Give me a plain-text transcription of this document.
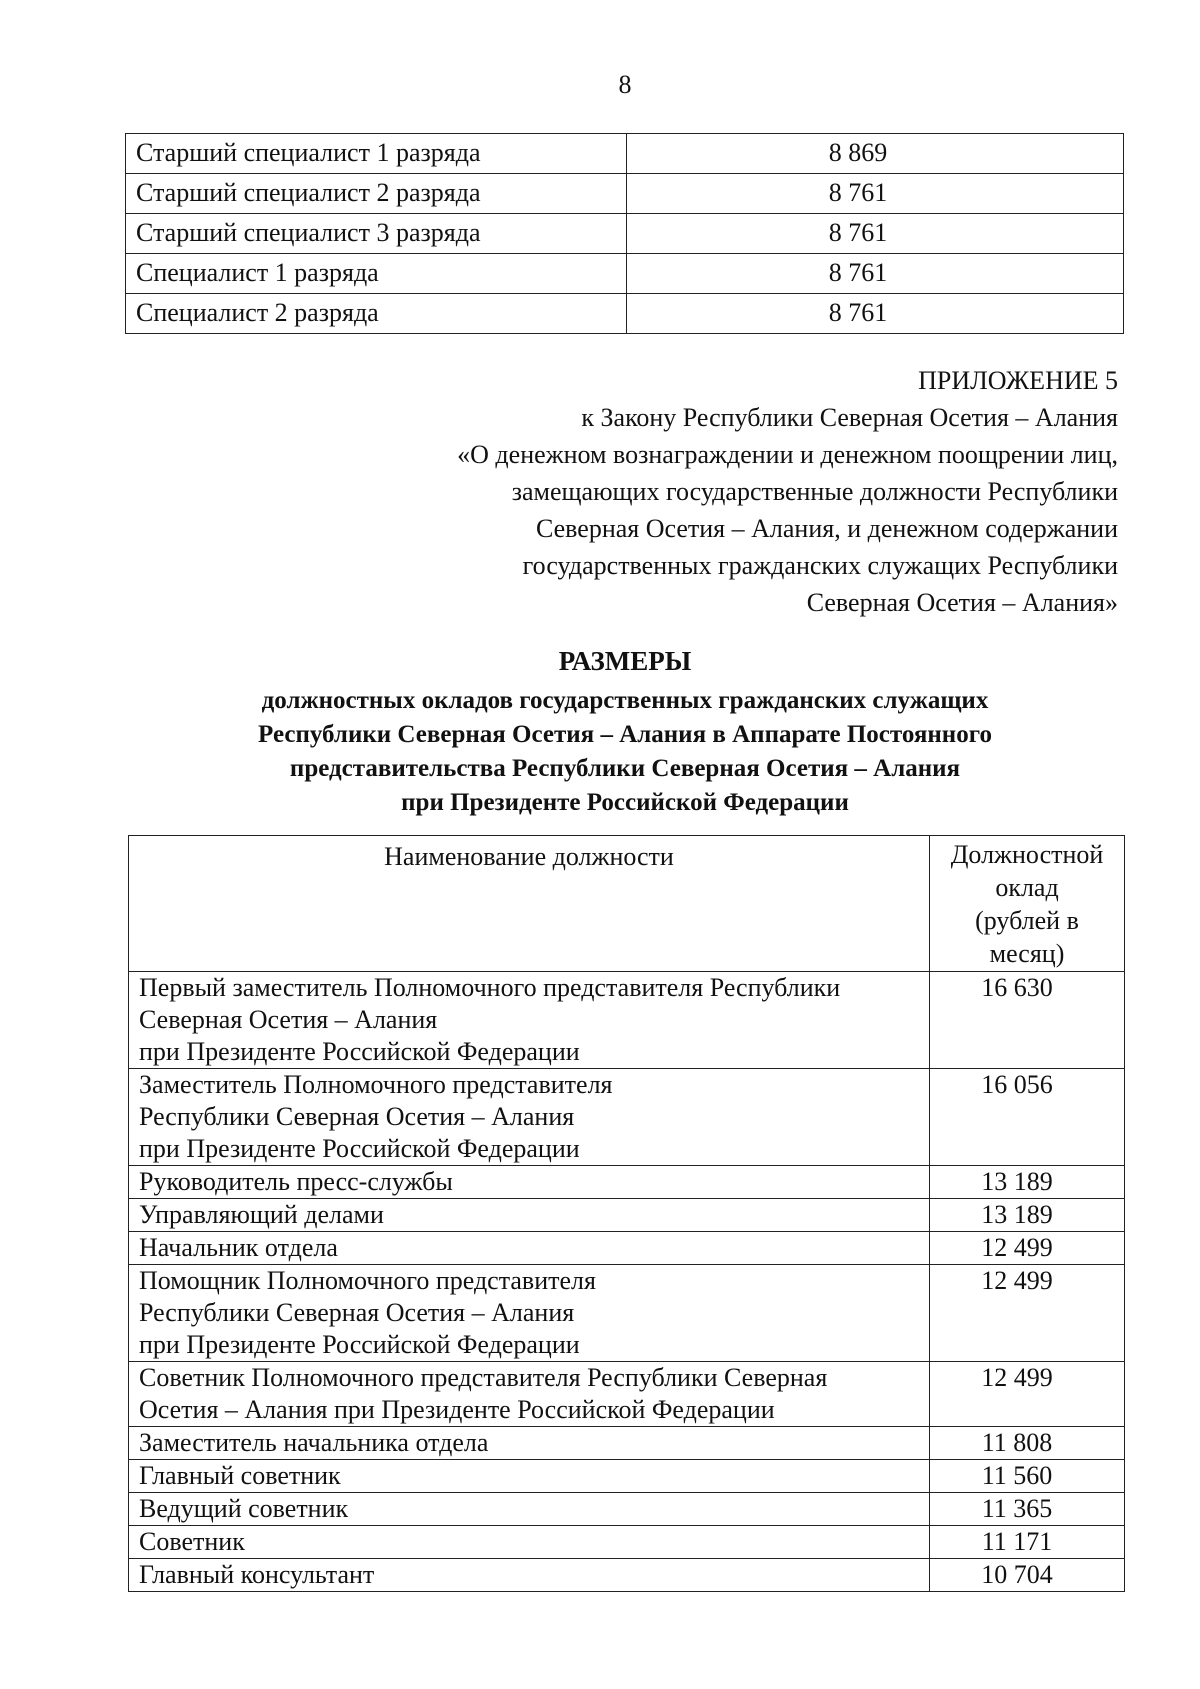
8
Старший специалист 1 разряда	8 869
Старший специалист 2 разряда	8 761
Старший специалист 3 разряда	8 761
Специалист 1 разряда	8 761
Специалист 2 разряда	8 761
ПРИЛОЖЕНИЕ 5
к Закону Республики Северная Осетия – Алания
«О денежном вознаграждении и денежном поощрении лиц,
замещающих государственные должности Республики
Северная Осетия – Алания, и денежном содержании
государственных гражданских служащих Республики
Северная Осетия – Алания»
РАЗМЕРЫ
должностных окладов государственных гражданских служащих
Республики Северная Осетия – Алания в Аппарате Постоянного
представительства Республики Северная Осетия – Алания
при Президенте Российской Федерации
Наименование должности	Должностной
оклад
(рублей в
месяц)

Первый заместитель Полномочного представителя Республики
Северная Осетия – Алания
при Президенте Российской Федерации	16 630

Заместитель Полномочного представителя
Республики Северная Осетия – Алания
при Президенте Российской Федерации	16 056

Руководитель пресс-службы	13 189

Управляющий делами	13 189

Начальник отдела	12 499

Помощник Полномочного представителя
Республики Северная Осетия – Алания
при Президенте Российской Федерации	12 499

Советник Полномочного представителя Республики Северная
Осетия – Алания при Президенте Российской Федерации	12 499

Заместитель начальника отдела	11 808

Главный советник	11 560

Ведущий советник	11 365

Советник	11 171

Главный консультант	10 704
